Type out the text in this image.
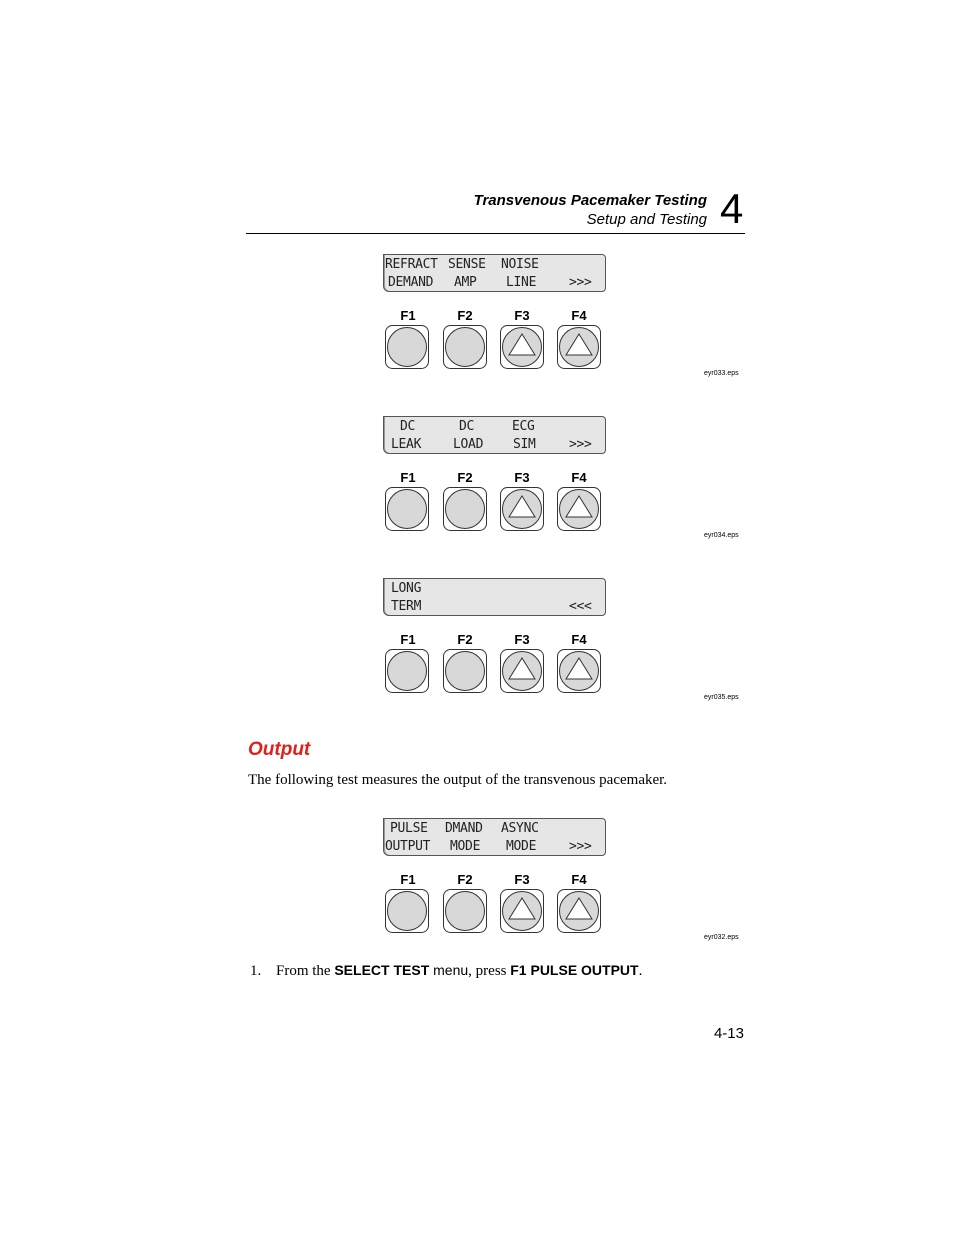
Transvenous Pacemaker Testing
Setup and Testing 4
REFRACT SENSE NOISE
DEMAND AMP LINE	>>>
F1	F2	F3	F4
eyr033.eps
DC	DC	ECG
LEAK LOAD SIM	>>>
F1	F2	F3	F4
eyr034.eps
LONG
TERM	<<<
F1	F2	F3	F4
eyr035.eps
Output
The following test measures the output of the transvenous pacemaker.
PULSE DMAND ASYNC
OUTPUT MODE MODE	>>>
F1	F2	F3	F4
eyr032.eps
1. From the SELECT TEST menu, press F1 PULSE OUTPUT.
4-13
